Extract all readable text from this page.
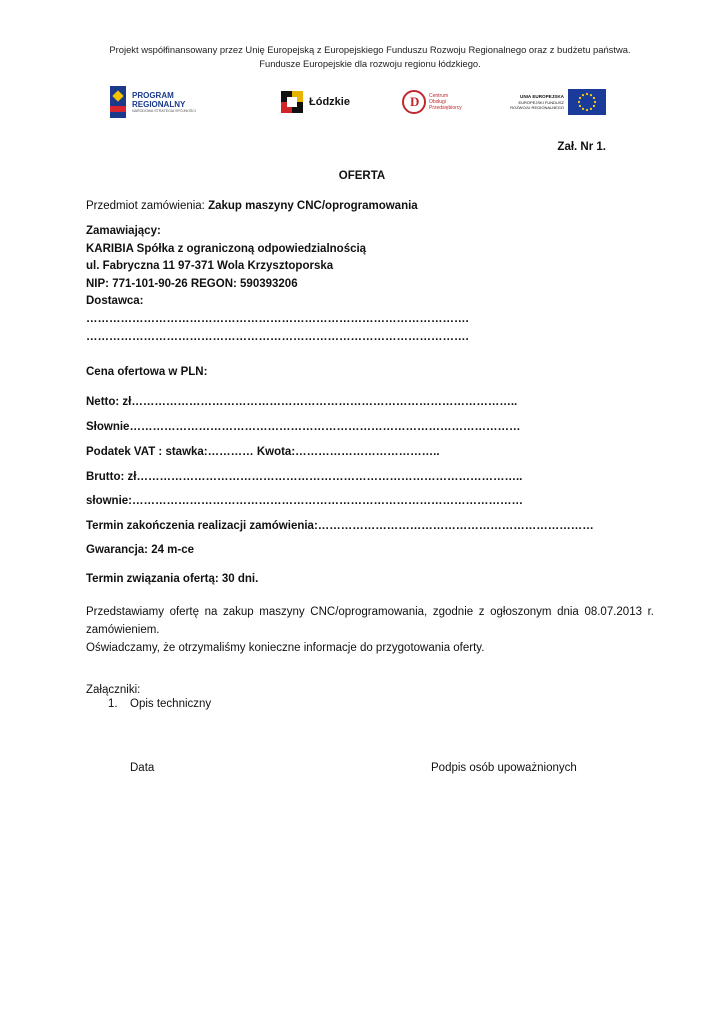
Projekt współfinansowany przez Unię Europejską z Europejskiego Funduszu Rozwoju Regionalnego oraz z budżetu państwa.
Fundusze Europejskie dla rozwoju regionu łódzkiego.
PROGRAM
REGIONALNY
NARODOWA STRATEGIA SPÓJNOŚCI
Łódzkie	D Centrum
Obsługi
Przedsiębiorcy
UNIA EUROPEJSKA
EUROPEJSKI FUNDUSZ
ROZWOJU REGIONALNEGO
Zał. Nr 1.
OFERTA
Przedmiot zamówienia: Zakup maszyny CNC/oprogramowania
Zamawiający:
KARIBIA Spółka z ograniczoną odpowiedzialnością
ul. Fabryczna 11 97-371 Wola Krzysztoporska
NIP: 771-101-90-26 REGON: 590393206
Dostawca:
……………………………………………………………………………………….
……………………………………………………………………………………….
Cena ofertowa w PLN:
Netto: zł………………………………………………………………………………………..
Słownie…………………………………………………………………………………………
Podatek VAT : stawka:………… Kwota:………………………………..
Brutto: zł………………………………………………………………………………………..
słownie:…………………………………………………………………………………………
Termin zakończenia realizacji zamówienia:………………………………………………………………
Gwarancja: 24 m-ce
Termin związania ofertą: 30 dni.
Przedstawiamy ofertę na zakup maszyny CNC/oprogramowania, zgodnie z ogłoszonym dnia 08.07.2013 r. zamówieniem.
Oświadczamy, że otrzymaliśmy konieczne informacje do przygotowania oferty.
Załączniki:
1. Opis techniczny
Data	Podpis osób upoważnionych
